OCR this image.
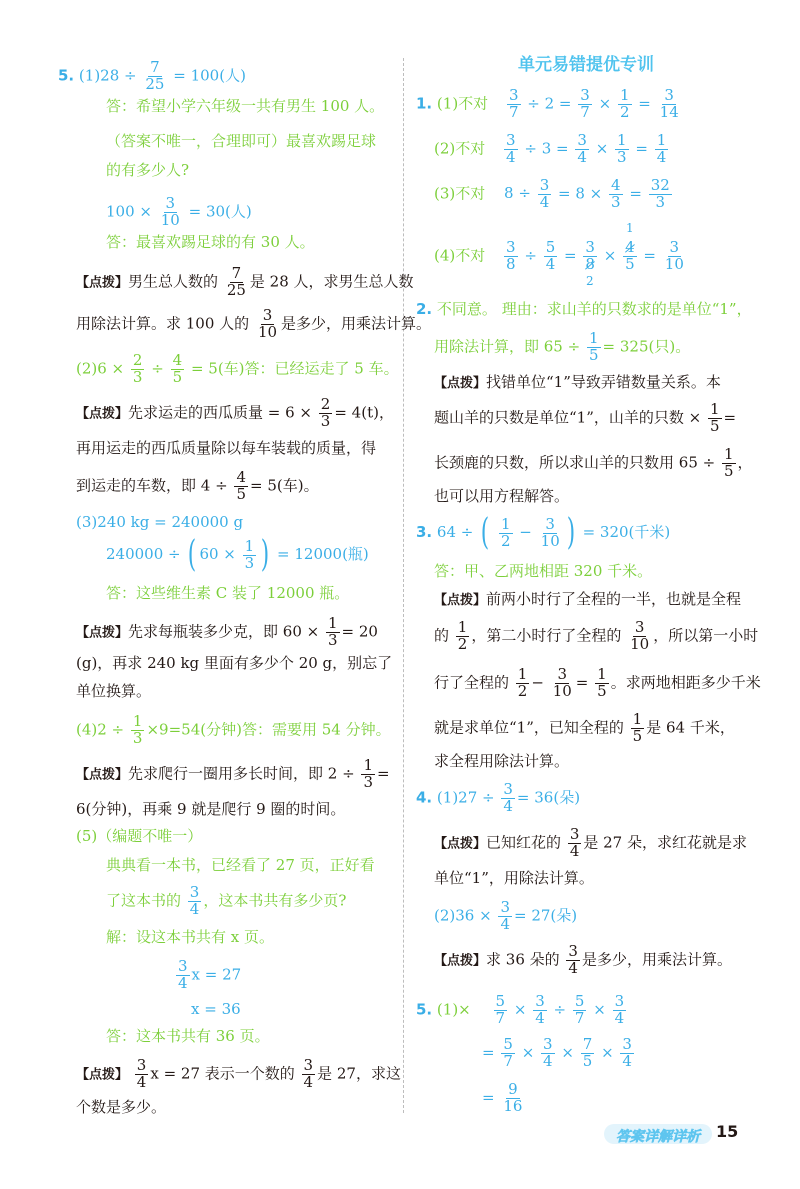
单元易错提优专训
5. $(1)28 \div \frac{7}{25} = 100$(人)
答：希望小学六年级一共有男生 100 人。
（答案不唯一，合理即可）最喜欢踢足球
的有多少人?
$100 \times \frac{3}{10} = 30$(人)
答：最喜欢踢足球的有 30 人。
【点拨】男生总人数的 $\frac{7}{25}$ 是 28 人，求男生总人数
用除法计算。求 100 人的 $\frac{3}{10}$ 是多少，用乘法计算。
$(2)6 \times \frac{2}{3} \div \frac{4}{5} = 5$(车)答：已经运走了 5 车。
【点拨】先求运走的西瓜质量 = $6 \times \frac{2}{3} = 4(t)$，
再用运走的西瓜质量除以每车装载的质量，得
到运走的车数，即 $4 \div \frac{4}{5} = 5$(车)。
(3)240 kg = 240000 g
240000 ÷ ( $60 \times \frac{1}{3}$ ) = 12000(瓶)
答：这些维生素 C 装了 12000 瓶。
【点拨】先求每瓶装多少克，即 $60 \times \frac{1}{3} = 20$
(g)，再求 240 kg 里面有多少个 20 g，别忘了
单位换算。
$(4)2 \div \frac{1}{3} \times 9=54$(分钟)答：需要用 54 分钟。
【点拨】先求爬行一圈用多长时间，即 $2 \div \frac{1}{3}$ =
6(分钟)，再乘 9 就是爬行 9 圈的时间。
(5)（编题不唯一）
典典看一本书，已经看了 27 页，正好看
了这本书的 $\frac{3}{4}$ ，这本书共有多少页?
解：设这本书共有 x 页。
$\frac{3}{4}$ x = 27
x = 36
答：这本书共有 36 页。
【点拨】 $\frac{3}{4}$ x = 27 表示一个数的 $\frac{3}{4}$ 是 27，求这
个数是多少。
1. (1)不对 $\frac{3}{7} \div 2 = \frac{3}{7} \times \frac{1}{2} = \frac{3}{14}$
(2)不对 $\frac{3}{4} \div 3 = \frac{3}{4} \times \frac{1}{3} = \frac{1}{4}$
(3)不对 $8 \div \frac{3}{4} = 8 \times \frac{4}{3} = \frac{32}{3}$
(4)不对 $\frac{3}{8} \div \frac{5}{4} = \frac{3}{8} \times \frac{4}{5} = \frac{3}{10}$
1
2
2. 不同意。 理由：求山羊的只数求的是单位“1”，
用除法计算，即 $65 \div \frac{1}{5} = 325$(只)。
【点拨】找错单位“1”导致弄错数量关系。本
题山羊的只数是单位“1”，山羊的只数 × $\frac{1}{5}$ =
长颈鹿的只数，所以求山羊的只数用 $65 \div \frac{1}{5}$ ，
也可以用方程解答。
3. 64 ÷ ( $\frac{1}{2} - \frac{3}{10}$ ) = 320(千米)
答：甲、乙两地相距 320 千米。
【点拨】前两小时行了全程的一半，也就是全程
的 $\frac{1}{2}$ ，第二小时行了全程的 $\frac{3}{10}$ ，所以第一小时
行了全程的 $\frac{1}{2} - \frac{3}{10} = \frac{1}{5}$ 。求两地相距多少千米
就是求单位“1”，已知全程的 $\frac{1}{5}$ 是 64 千米，
求全程用除法计算。
4. $(1)27 \div \frac{3}{4} = 36$(朵)
【点拨】已知红花的 $\frac{3}{4}$ 是 27 朵，求红花就是求
单位“1”，用除法计算。
$(2)36 \times \frac{3}{4} = 27$(朵)
【点拨】求 36 朵的 $\frac{3}{4}$ 是多少，用乘法计算。
5. $(1)\times \frac{5}{7} \times \frac{3}{4} \div \frac{5}{7} \times \frac{3}{4}$
= $\frac{5}{7} \times \frac{3}{4} \times \frac{7}{5} \times \frac{3}{4}$
= $\frac{9}{16}$
答案详解详析 15
